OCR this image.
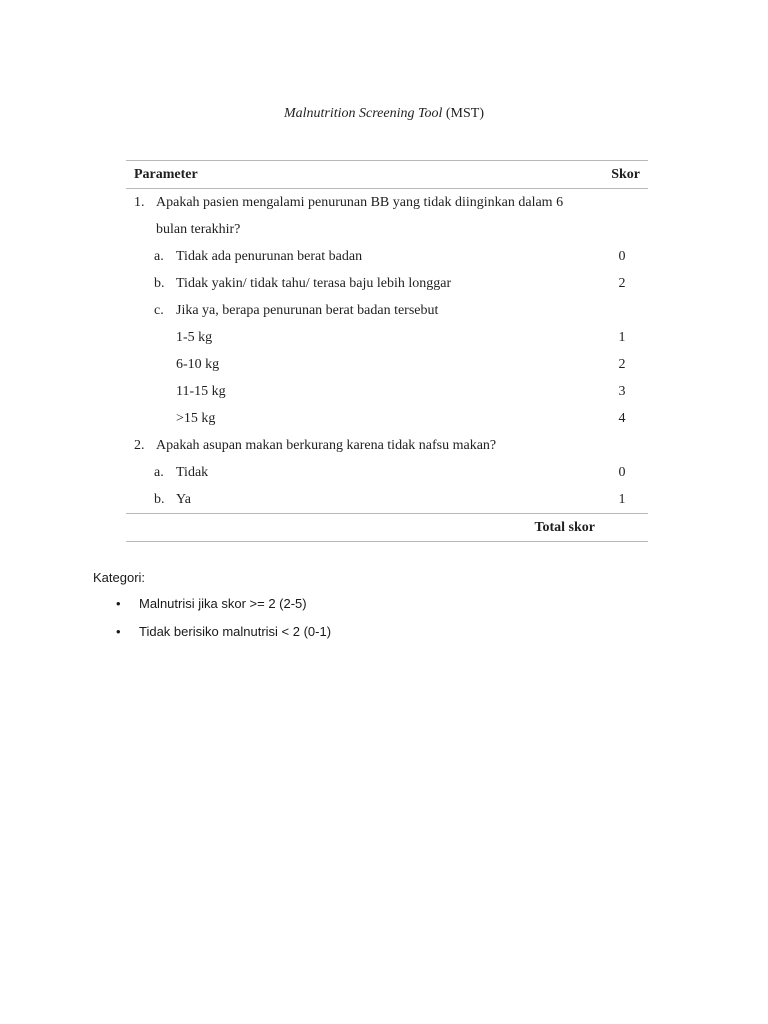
Malnutrition Screening Tool (MST)
Parameter	Skor
1. Apakah pasien mengalami penurunan BB yang tidak diinginkan dalam 6
bulan terakhir?
a. Tidak ada penurunan berat badan	0
b. Tidak yakin/ tidak tahu/ terasa baju lebih longgar	2
c. Jika ya, berapa penurunan berat badan tersebut
1-5 kg	1
6-10 kg	2
11-15 kg	3
>15 kg	4
2. Apakah asupan makan berkurang karena tidak nafsu makan?
a. Tidak	0
b. Ya	1
Total skor
Kategori:
• Malnutrisi jika skor >= 2 (2-5)
• Tidak berisiko malnutrisi < 2 (0-1)
